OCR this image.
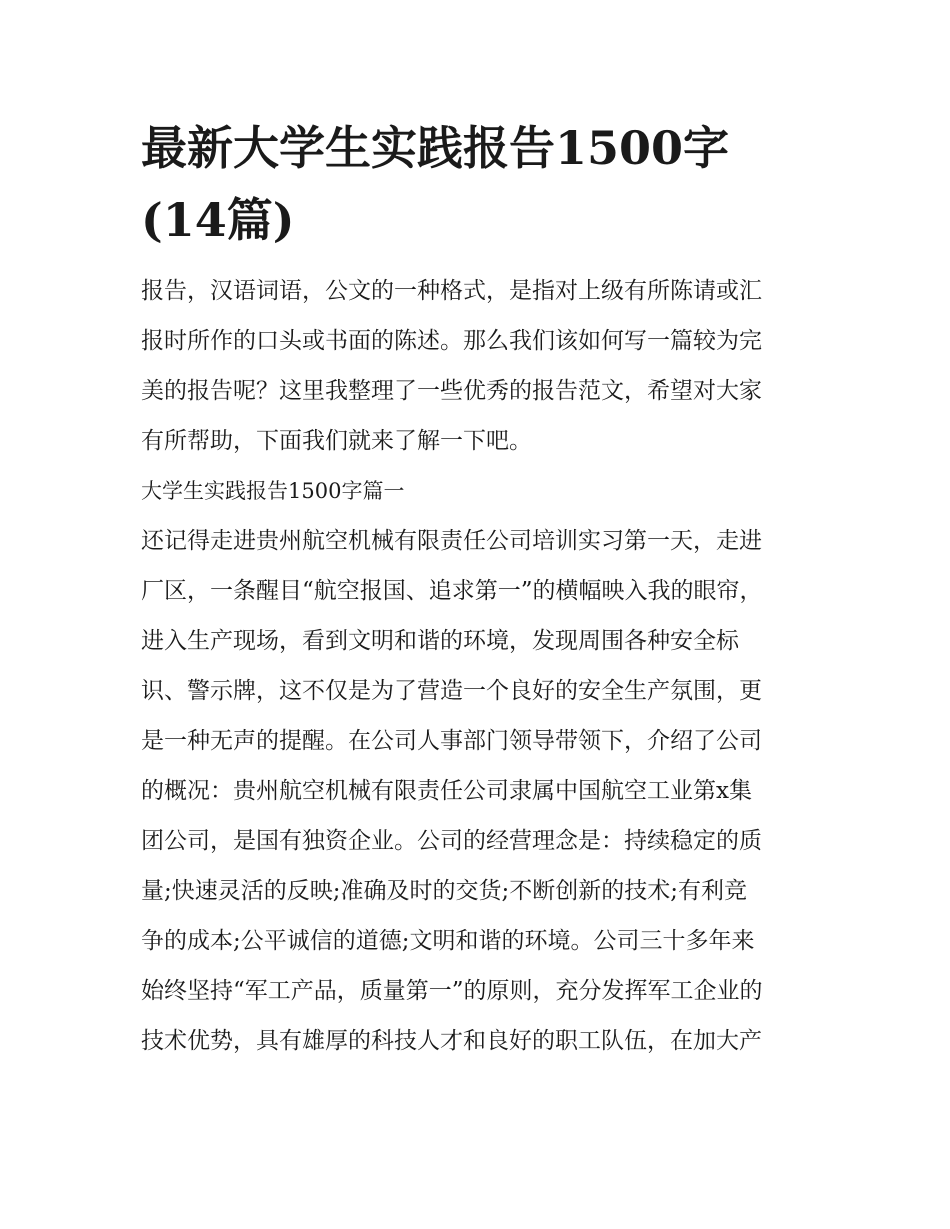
最新大学生实践报告1500字
(14篇)

报告，汉语词语，公文的一种格式，是指对上级有所陈请或汇
报时所作的口头或书面的陈述。那么我们该如何写一篇较为完
美的报告呢？这里我整理了一些优秀的报告范文，希望对大家
有所帮助，下面我们就来了解一下吧。

大学生实践报告1500字篇一

还记得走进贵州航空机械有限责任公司培训实习第一天，走进
厂区，一条醒目“航空报国、追求第一”的横幅映入我的眼帘，
进入生产现场，看到文明和谐的环境，发现周围各种安全标
识、警示牌，这不仅是为了营造一个良好的安全生产氛围，更
是一种无声的提醒。在公司人事部门领导带领下，介绍了公司
的概况：贵州航空机械有限责任公司隶属中国航空工业第x集
团公司，是国有独资企业。公司的经营理念是：持续稳定的质
量;快速灵活的反映;准确及时的交货;不断创新的技术;有利竞
争的成本;公平诚信的道德;文明和谐的环境。公司三十多年来
始终坚持“军工产品，质量第一”的原则，充分发挥军工企业的
技术优势，具有雄厚的科技人才和良好的职工队伍，在加大产
